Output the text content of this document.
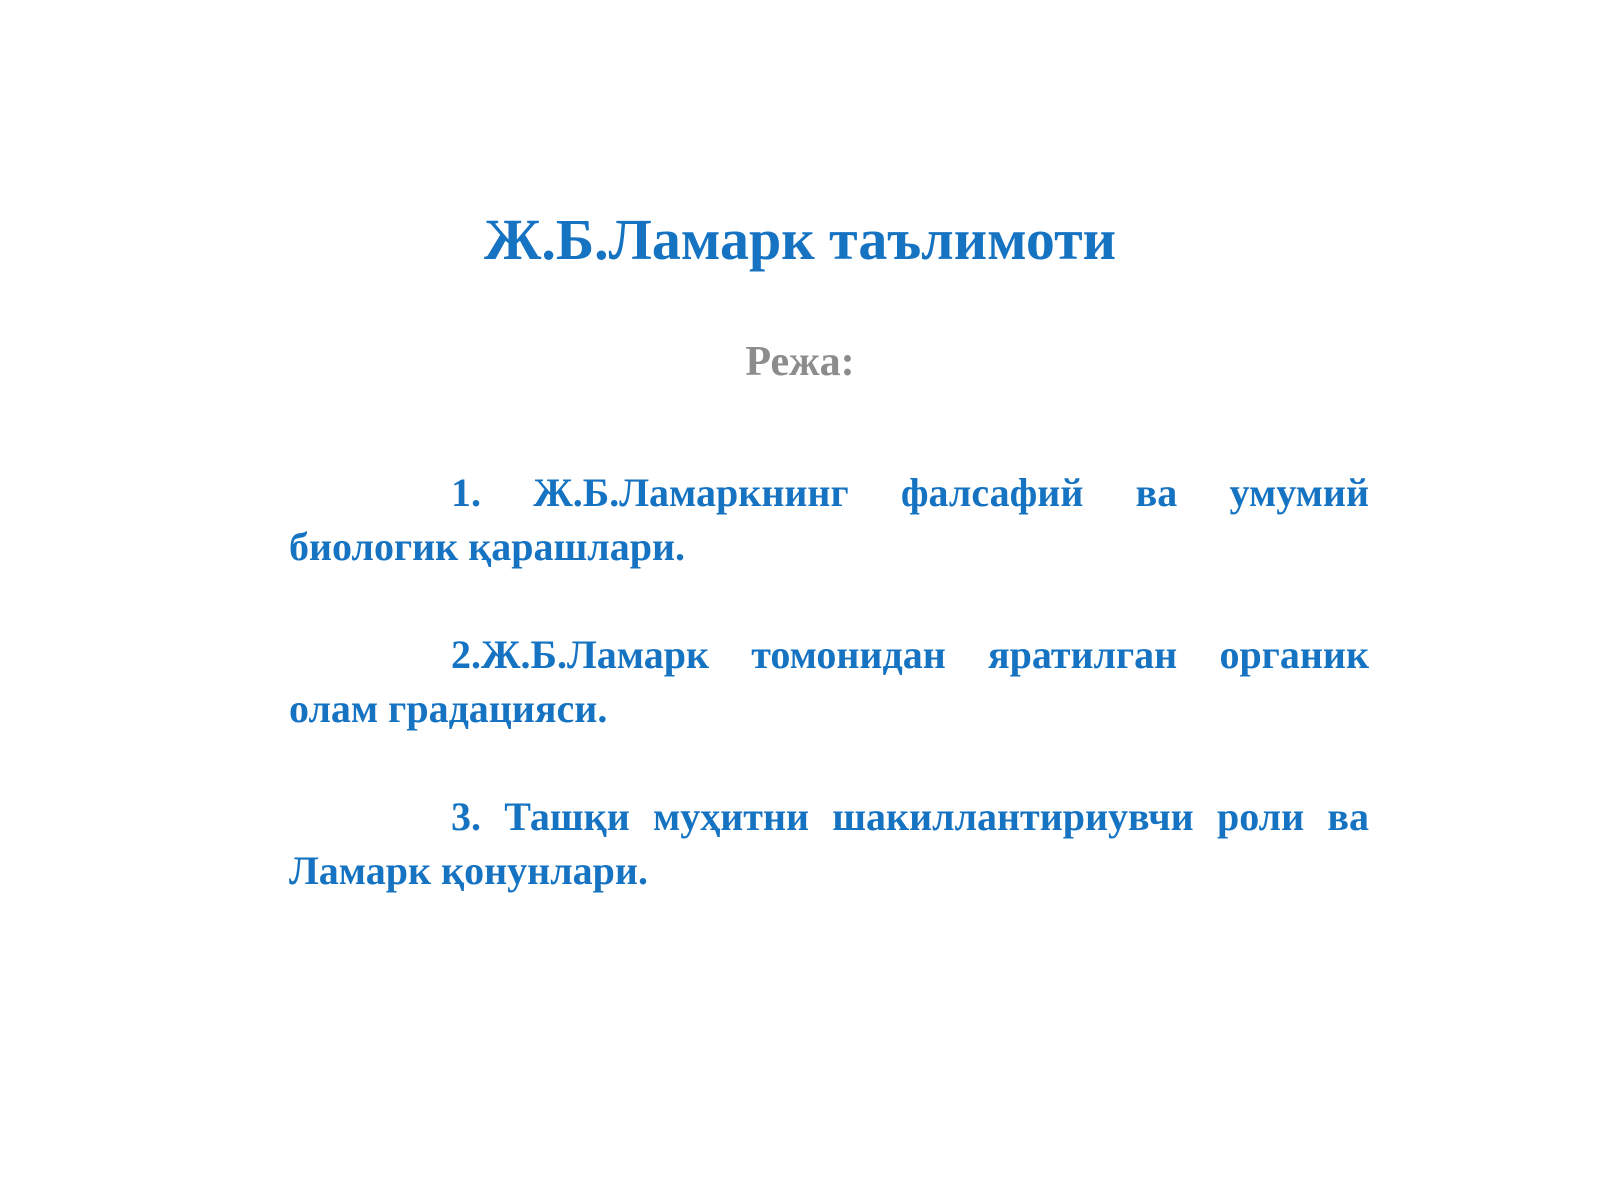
Ж.Б.Ламарк таълимоти
Режа:
1. Ж.Б.Ламаркнинг фалсафий ва умумий биологик қарашлари.
2.Ж.Б.Ламарк томонидан яратилган органик олам градацияси.
3. Ташқи муҳитни шакиллантириувчи роли ва Ламарк қонунлари.
